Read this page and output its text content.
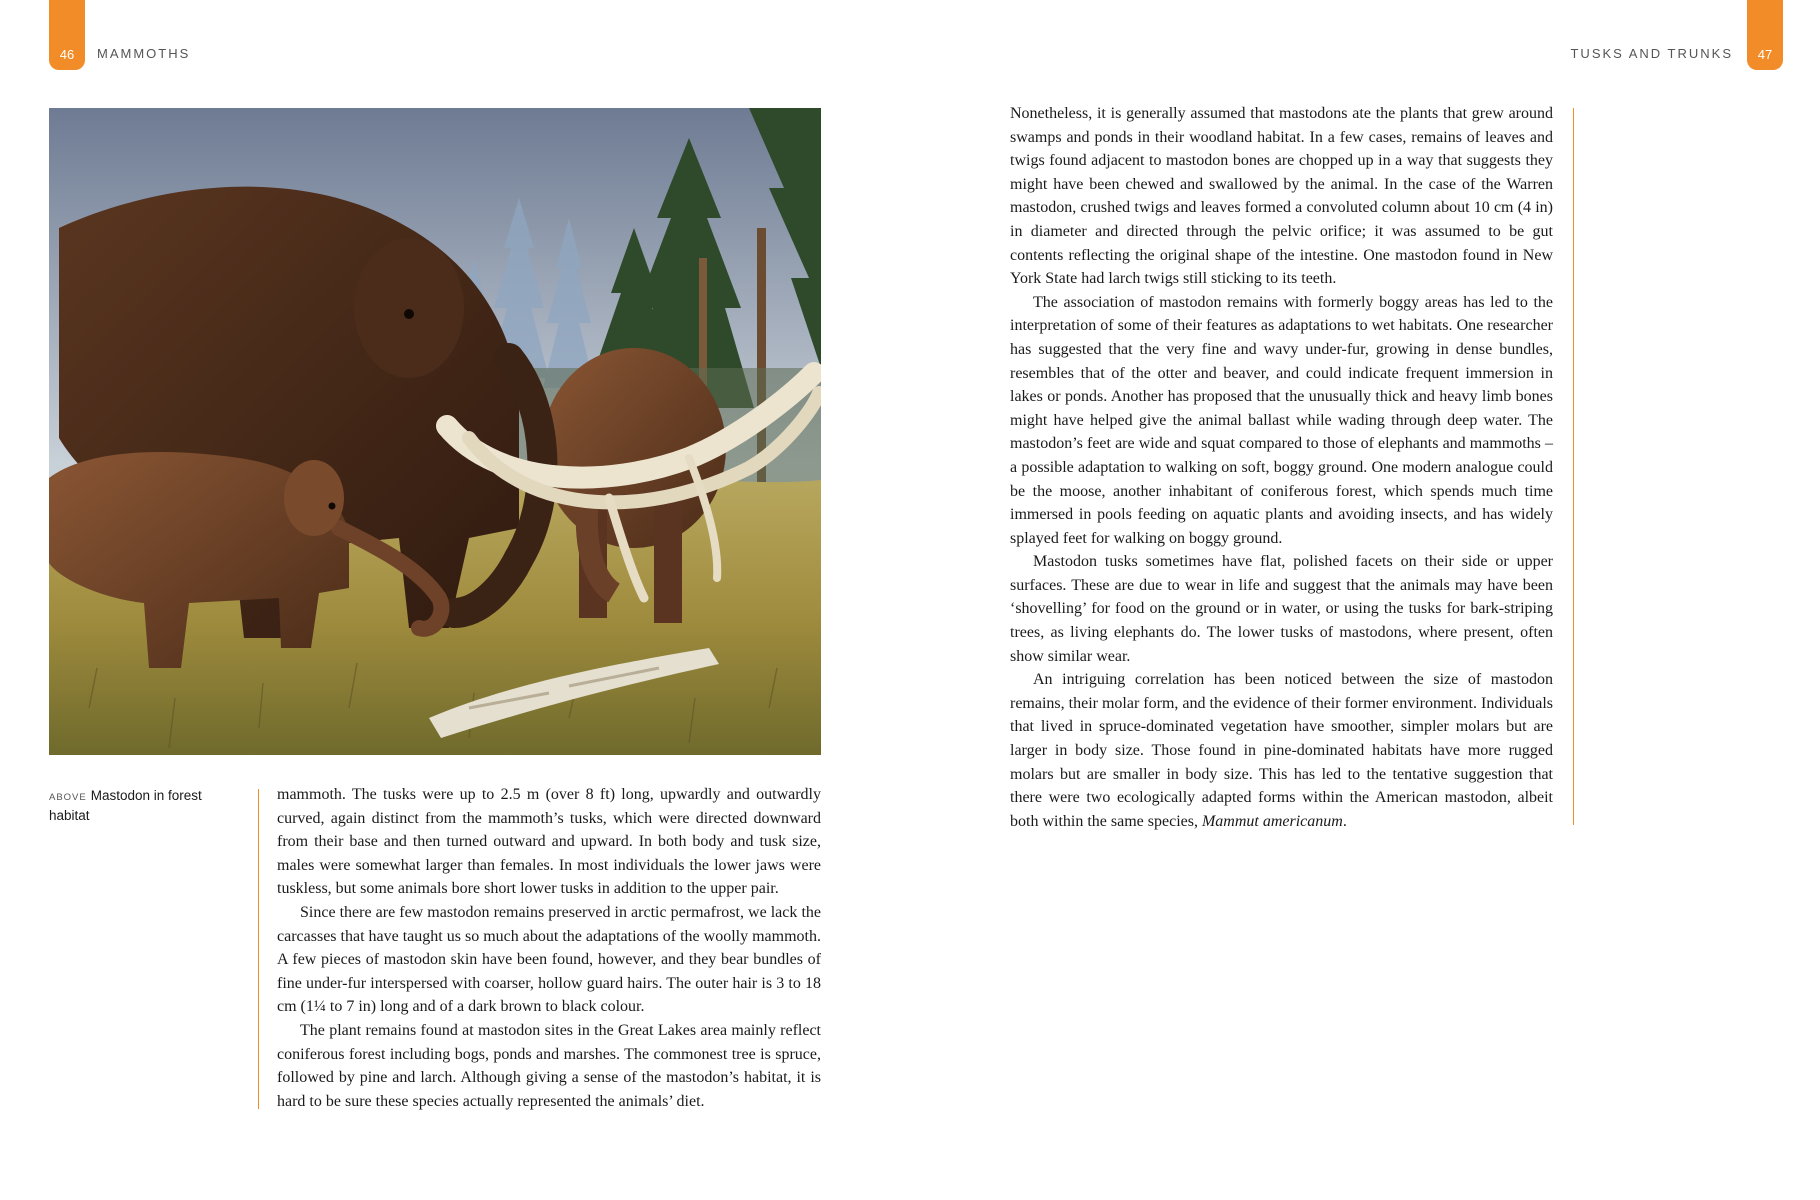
46	MAMMOTHS	47
TUSKS AND TRUNKS
ABOVE Mastodon in forest habitat

mammoth. The tusks were up to 2.5 m (over 8 ft) long, upwardly and outwardly curved, again distinct from the mammoth’s tusks, which were directed downward from their base and then turned outward and upward. In both body and tusk size, males were somewhat larger than females. In most individuals the lower jaws were tuskless, but some animals bore short lower tusks in addition to the upper pair.

Since there are few mastodon remains preserved in arctic permafrost, we lack the carcasses that have taught us so much about the adaptations of the woolly mammoth. A few pieces of mastodon skin have been found, however, and they bear bundles of fine under-fur interspersed with coarser, hollow guard hairs. The outer hair is 3 to 18 cm (1¼ to 7 in) long and of a dark brown to black colour.

The plant remains found at mastodon sites in the Great Lakes area mainly reflect coniferous forest including bogs, ponds and marshes. The commonest tree is spruce, followed by pine and larch. Although giving a sense of the mastodon’s habitat, it is hard to be sure these species actually represented the animals’ diet.

Nonetheless, it is generally assumed that mastodons ate the plants that grew around swamps and ponds in their woodland habitat. In a few cases, remains of leaves and twigs found adjacent to mastodon bones are chopped up in a way that suggests they might have been chewed and swallowed by the animal. In the case of the Warren mastodon, crushed twigs and leaves formed a convoluted column about 10 cm (4 in) in diameter and directed through the pelvic orifice; it was assumed to be gut contents reflecting the original shape of the intestine. One mastodon found in New York State had larch twigs still sticking to its teeth.

The association of mastodon remains with formerly boggy areas has led to the interpretation of some of their features as adaptations to wet habitats. One researcher has suggested that the very fine and wavy under-fur, growing in dense bundles, resembles that of the otter and beaver, and could indicate frequent immersion in lakes or ponds. Another has proposed that the unusually thick and heavy limb bones might have helped give the animal ballast while wading through deep water. The mastodon’s feet are wide and squat compared to those of elephants and mammoths – a possible adaptation to walking on soft, boggy ground. One modern analogue could be the moose, another inhabitant of coniferous forest, which spends much time immersed in pools feeding on aquatic plants and avoiding insects, and has widely splayed feet for walking on boggy ground.

Mastodon tusks sometimes have flat, polished facets on their side or upper surfaces. These are due to wear in life and suggest that the animals may have been ‘shovelling’ for food on the ground or in water, or using the tusks for bark-striping trees, as living elephants do. The lower tusks of mastodons, where present, often show similar wear.

An intriguing correlation has been noticed between the size of mastodon remains, their molar form, and the evidence of their former environment. Individuals that lived in spruce-dominated vegetation have smoother, simpler molars but are larger in body size. Those found in pine-dominated habitats have more rugged molars but are smaller in body size. This has led to the tentative suggestion that there were two ecologically adapted forms within the American mastodon, albeit both within the same species, Mammut americanum.
